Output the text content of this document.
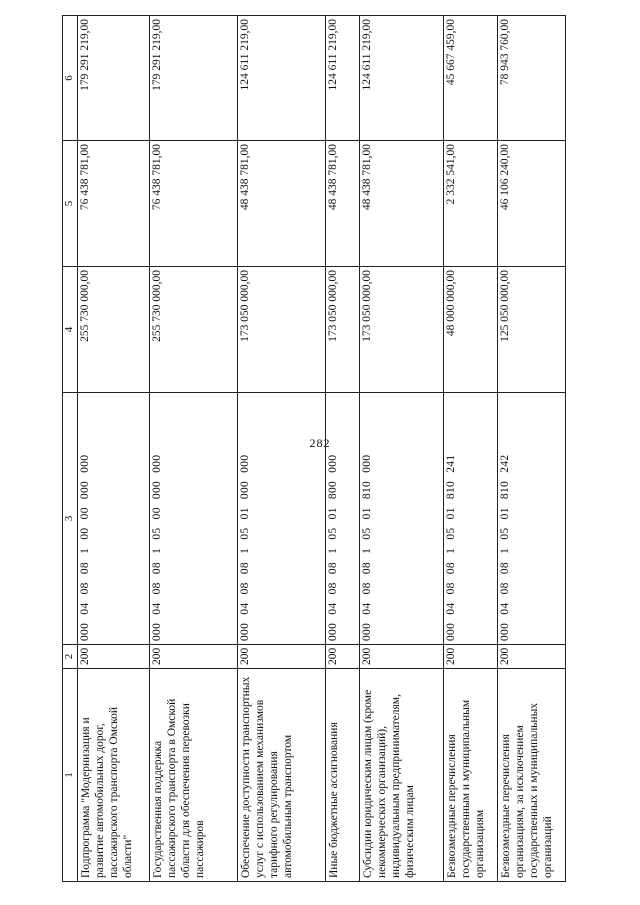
282
1	2	3	4	5	6
Подпрограмма "Модернизация и развитие автомобильных дорог, пассажирского транспорта Омской области"	200	000 04 08 08 1 00 00 000 000	255 730 000,00	76 438 781,00	179 291 219,00
Государственная поддержка пассажирского транспорта в Омской области для обеспечения перевозки пассажиров	200	000 04 08 08 1 05 00 000 000	255 730 000,00	76 438 781,00	179 291 219,00
Обеспечение доступности транспортных услуг с использованием механизмов тарифного регулирования автомобильным транспортом	200	000 04 08 08 1 05 01 000 000	173 050 000,00	48 438 781,00	124 611 219,00
Иные бюджетные ассигнования	200	000 04 08 08 1 05 01 800 000	173 050 000,00	48 438 781,00	124 611 219,00
Субсидии юридическим лицам (кроме некоммерческих организаций), индивидуальным предпринимателям, физическим лицам	200	000 04 08 08 1 05 01 810 000	173 050 000,00	48 438 781,00	124 611 219,00
Безвозмездные перечисления государственным и муниципальным организациям	200	000 04 08 08 1 05 01 810 241	48 000 000,00	2 332 541,00	45 667 459,00
Безвозмездные перечисления организациям, за исключением государственных и муниципальных организаций	200	000 04 08 08 1 05 01 810 242	125 050 000,00	46 106 240,00	78 943 760,00
